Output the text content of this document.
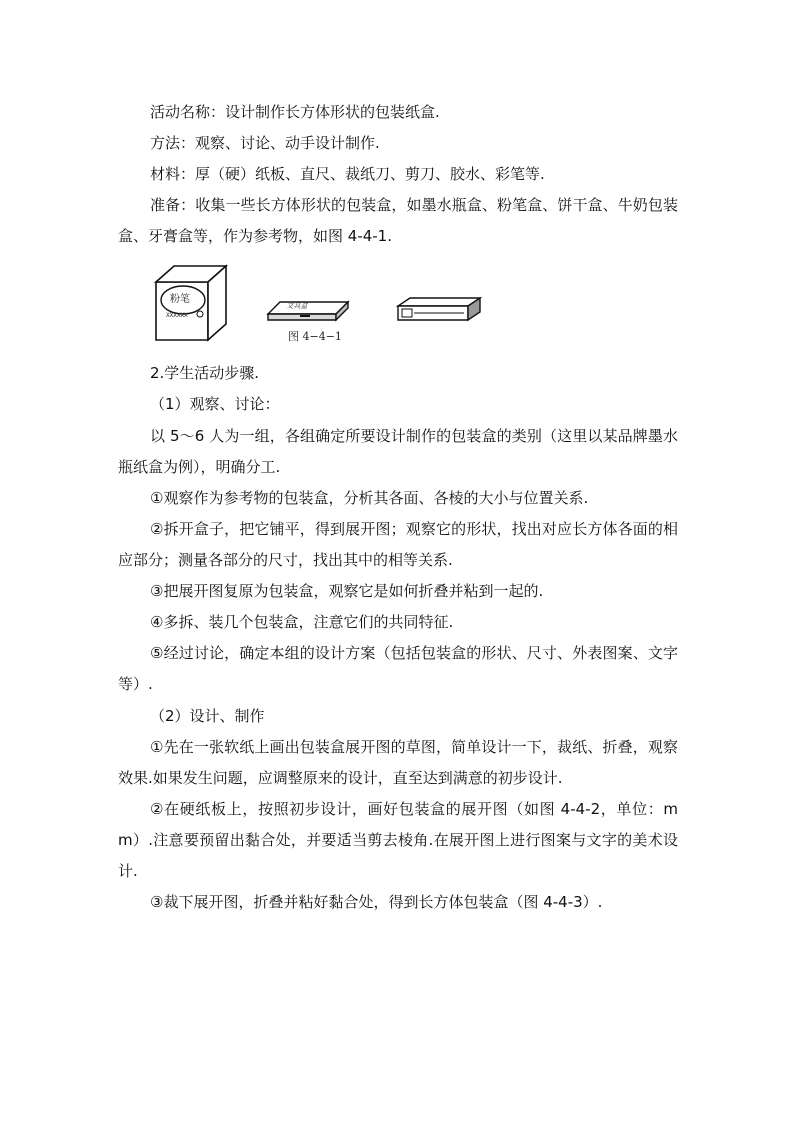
活动名称：设计制作长方体形状的包装纸盒.

方法：观察、讨论、动手设计制作.

材料：厚（硬）纸板、直尺、裁纸刀、剪刀、胶水、彩笔等.

准备：收集一些长方体形状的包装盒，如墨水瓶盒、粉笔盒、饼干盒、牛奶包装盒、牙膏盒等，作为参考物，如图 4-4-1.

粉笔
XXXXXX
文具盒
图 4−4−1

2.学生活动步骤.

（1）观察、讨论：

以 5～6 人为一组，各组确定所要设计制作的包装盒的类别（这里以某品牌墨水瓶纸盒为例），明确分工.

①观察作为参考物的包装盒，分析其各面、各棱的大小与位置关系.

②拆开盒子，把它铺平，得到展开图；观察它的形状，找出对应长方体各面的相应部分；测量各部分的尺寸，找出其中的相等关系.

③把展开图复原为包装盒，观察它是如何折叠并粘到一起的.

④多拆、装几个包装盒，注意它们的共同特征.

⑤经过讨论，确定本组的设计方案（包括包装盒的形状、尺寸、外表图案、文字等）.

（2）设计、制作

①先在一张软纸上画出包装盒展开图的草图，简单设计一下，裁纸、折叠，观察效果.如果发生问题，应调整原来的设计，直至达到满意的初步设计.

②在硬纸板上，按照初步设计，画好包装盒的展开图（如图 4-4-2，单位：mm）.注意要预留出黏合处，并要适当剪去棱角.在展开图上进行图案与文字的美术设计.

③裁下展开图，折叠并粘好黏合处，得到长方体包装盒（图 4-4-3）.
